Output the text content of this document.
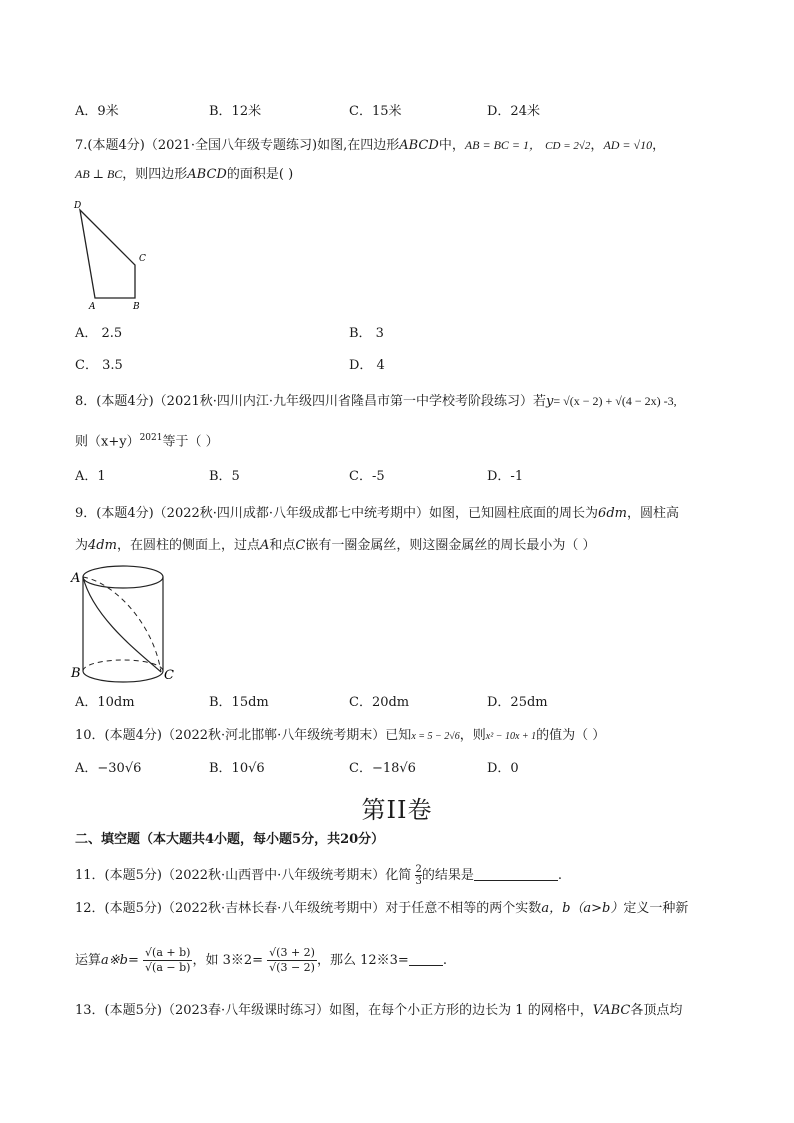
A．9米	B．12米	C．15米	D．24米
7.(本题4分)（2021·全国八年级专题练习)如图,在四边形ABCD中，AB = BC = 1， CD = 2√2，AD = √10，
AB ⊥ BC，则四边形ABCD的面积是( )
D
C
A	B
A． 2.5	B． 3
C． 3.5	D． 4
8．(本题4分)（2021秋·四川内江·九年级四川省隆昌市第一中学校考阶段练习）若y= √(x − 2) + √(4 − 2x) -3,
则$(x+y)^{2021}$等于（ ）
A．1	B．5	C．-5	D．-1
9．(本题4分)（2022秋·四川成都·八年级成都七中统考期中）如图，已知圆柱底面的周长为6dm，圆柱高
为4dm，在圆柱的侧面上，过点A和点C嵌有一圈金属丝，则这圈金属丝的周长最小为（ ）
A
B	C
A．10dm	B．15dm	C．20dm	D．25dm
10．(本题4分)（2022秋·河北邯郸·八年级统考期末）已知x = 5 − 2√6，则x² − 10x + 1的值为（ ）
A．−30√6	B．10√6	C．−18√6	D．0
第II卷
二、填空题（本大题共4小题，每小题5分，共20分）
11．(本题5分)（2022秋·山西晋中·八年级统考期末）化简 $\frac{2}{3}$ 的结果是	.
12．(本题5分)（2022秋·吉林长春·八年级统考期中）对于任意不相等的两个实数a，b（a>b）定义一种新
运算a※b= $\frac{√(a + b)}{√(a - b)}$ ，如 3※2= $\frac{√(3 + 2)}{√(3 - 2)}$ ，那么 12※3=	.
13．(本题5分)（2023春·八年级课时练习）如图，在每个小正方形的边长为 1 的网格中，VABC各顶点均
